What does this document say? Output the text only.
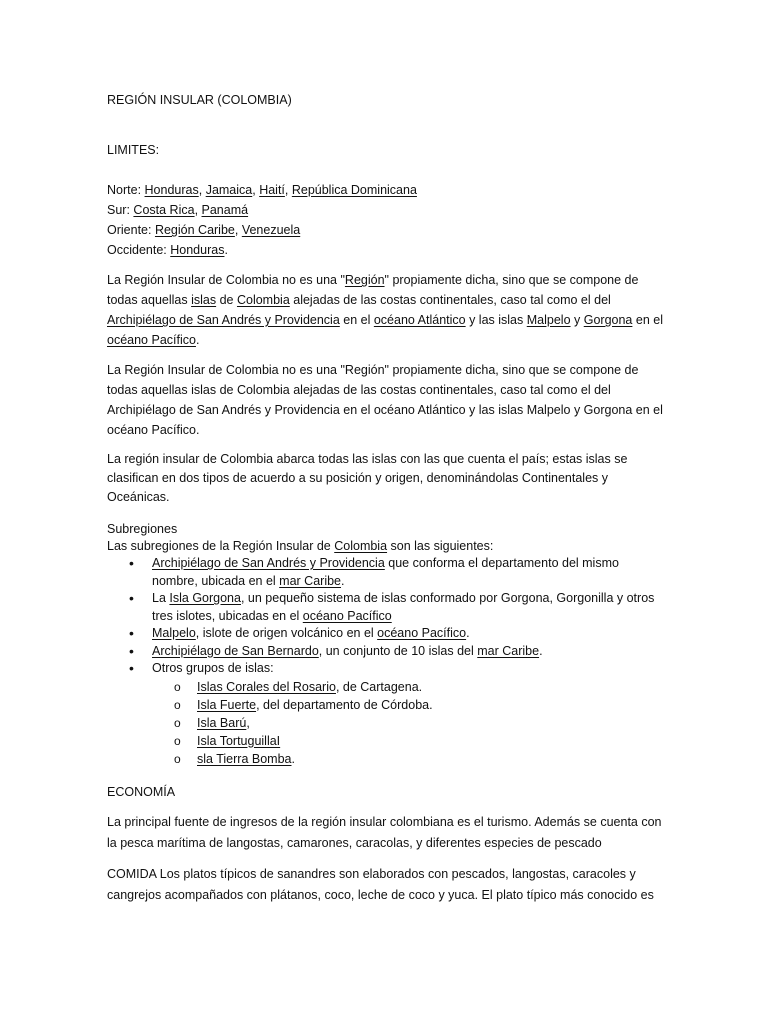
REGIÓN INSULAR (COLOMBIA)

LIMITES:

Norte: Honduras, Jamaica, Haití, República Dominicana

Sur: Costa Rica, Panamá

Oriente: Región Caribe, Venezuela

Occidente: Honduras.

La Región Insular de Colombia no es una "Región" propiamente dicha, sino que se compone de todas aquellas islas de Colombia alejadas de las costas continentales, caso tal como el del Archipiélago de San Andrés y Providencia en el océano Atlántico y las islas Malpelo y Gorgona en el océano Pacífico.

La Región Insular de Colombia no es una "Región" propiamente dicha, sino que se compone de todas aquellas islas de Colombia alejadas de las costas continentales, caso tal como el del Archipiélago de San Andrés y Providencia en el océano Atlántico y las islas Malpelo y Gorgona en el océano Pacífico.

La región insular de Colombia abarca todas las islas con las que cuenta el país; estas islas se clasifican en dos tipos de acuerdo a su posición y origen, denominándolas Continentales y Oceánicas.

Subregiones

Las subregiones de la Región Insular de Colombia son las siguientes:

• Archipiélago de San Andrés y Providencia que conforma el departamento del mismo nombre, ubicada en el mar Caribe.
• La Isla Gorgona, un pequeño sistema de islas conformado por Gorgona, Gorgonilla y otros tres islotes, ubicadas en el océano Pacífico
• Malpelo, islote de origen volcánico en el océano Pacífico.
• Archipiélago de San Bernardo, un conjunto de 10 islas del mar Caribe.
• Otros grupos de islas:
o Islas Corales del Rosario, de Cartagena.
o Isla Fuerte, del departamento de Córdoba.
o Isla Barú,
o Isla TortuguillaI
o sla Tierra Bomba.

ECONOMÍA

La principal fuente de ingresos de la región insular colombiana es el turismo. Además se cuenta con la pesca marítima de langostas, camarones, caracolas, y diferentes especies de pescado

COMIDA Los platos típicos de sanandres son elaborados con pescados, langostas, caracoles y cangrejos acompañados con plátanos, coco, leche de coco y yuca. El plato típico más conocido es
